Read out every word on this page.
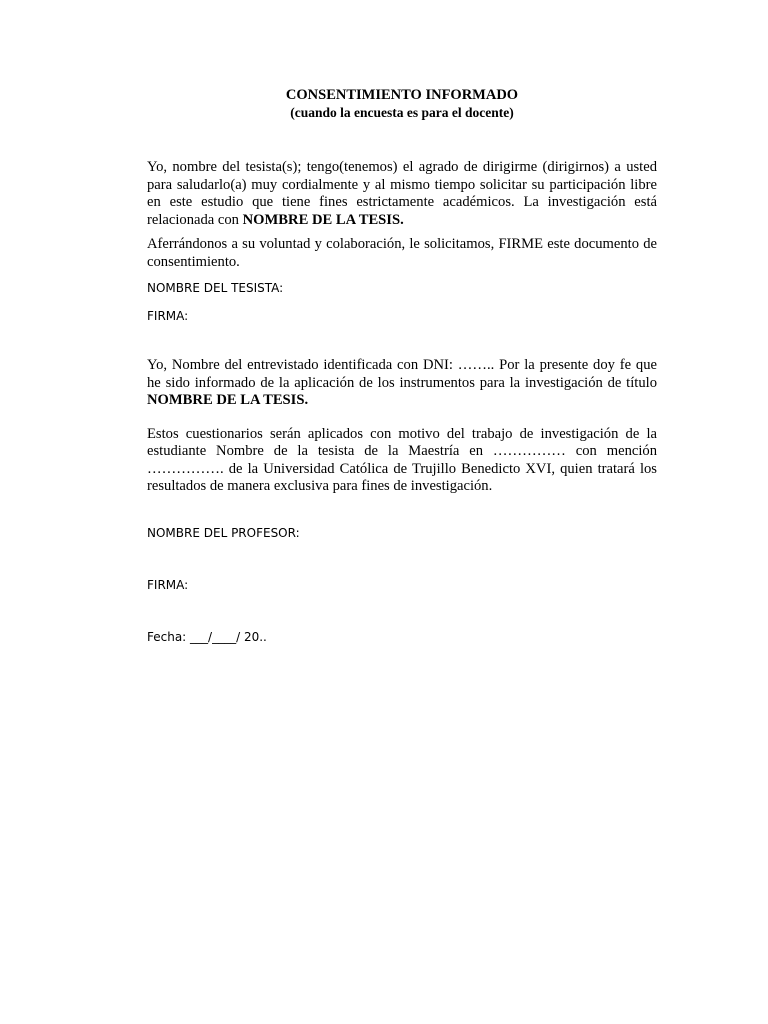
CONSENTIMIENTO INFORMADO
(cuando la encuesta es para el docente)

Yo, nombre del tesista(s); tengo(tenemos) el agrado de dirigirme (dirigirnos) a usted para saludarlo(a) muy cordialmente y al mismo tiempo solicitar su participación libre en este estudio que tiene fines estrictamente académicos. La investigación está relacionada con NOMBRE DE LA TESIS.

Aferrándonos a su voluntad y colaboración, le solicitamos, FIRME este documento de consentimiento.

NOMBRE DEL TESISTA:

FIRMA:

Yo, Nombre del entrevistado identificada con DNI: …….. Por la presente doy fe que he sido informado de la aplicación de los instrumentos para la investigación de título NOMBRE DE LA TESIS.

Estos cuestionarios serán aplicados con motivo del trabajo de investigación de la estudiante Nombre de la tesista de la Maestría en …………… con mención ……………. de la Universidad Católica de Trujillo Benedicto XVI, quien tratará los resultados de manera exclusiva para fines de investigación.

NOMBRE DEL PROFESOR:

FIRMA:

Fecha: ___/____/ 20..
